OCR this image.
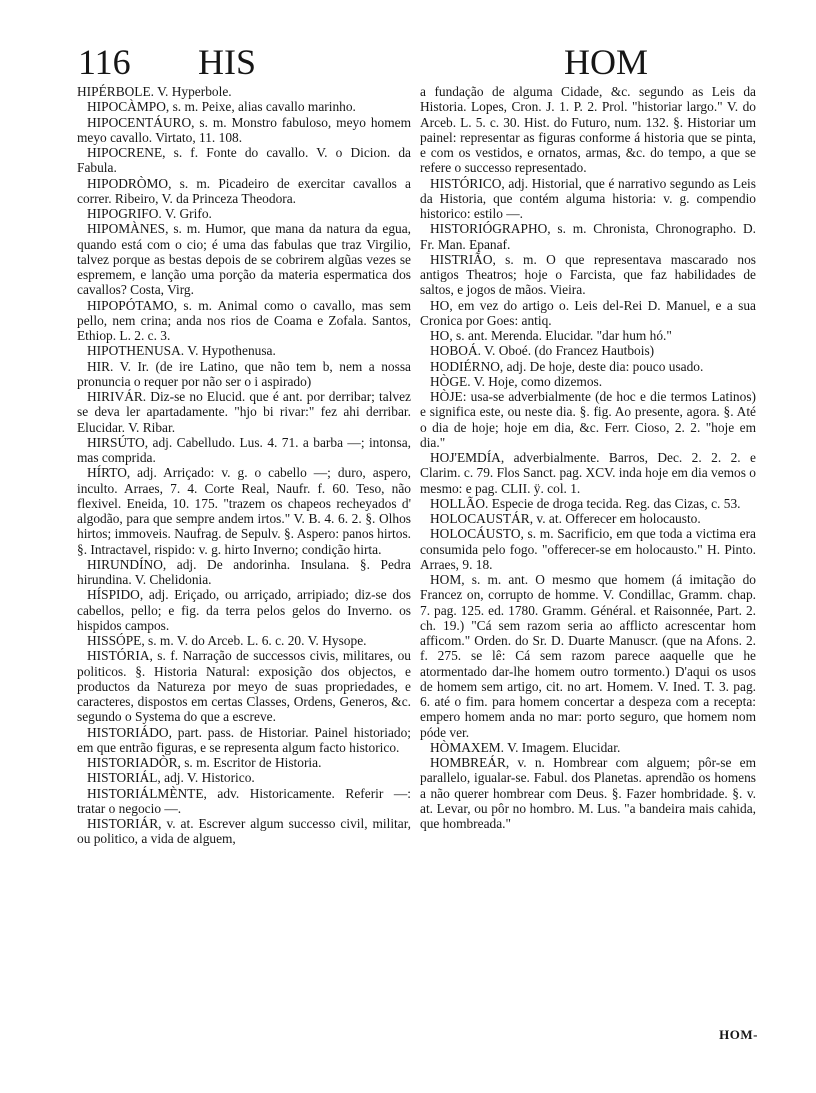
116 HIS	HOM

HIPÉRBOLE. V. Hyperbole.

HIPOCÀMPO, s. m. Peixe, alias cavallo marinho.

HIPOCENTÁURO, s. m. Monstro fabuloso, meyo homem meyo cavallo. Virtato, 11. 108.

HIPOCRENE, s. f. Fonte do cavallo. V. o Dicion. da Fabula.

HIPODRÒMO, s. m. Picadeiro de exercitar cavallos a correr. Ribeiro, V. da Princeza Theodora.

HIPOGRIFO. V. Grifo.

HIPOMÀNES, s. m. Humor, que mana da natura da egua, quando está com o cio; é uma das fabulas que traz Virgilio, talvez porque as bestas depois de se cobrirem algũas vezes se espremem, e lanção uma porção da materia espermatica dos cavallos? Costa, Virg.

HIPOPÓTAMO, s. m. Animal como o cavallo, mas sem pello, nem crina; anda nos rios de Coama e Zofala. Santos, Ethiop. L. 2. c. 3.

HIPOTHENUSA. V. Hypothenusa.

HIR. V. Ir. (de ire Latino, que não tem b, nem a nossa pronuncia o requer por não ser o i aspirado)

HIRIVÁR. Diz-se no Elucid. que é ant. por derribar; talvez se deva ler apartadamente. "hjo bi rivar:" fez ahi derribar. Elucidar. V. Ribar.

HIRSÚTO, adj. Cabelludo. Lus. 4. 71. a barba —; intonsa, mas comprida.

HÍRTO, adj. Arriçado: v. g. o cabello —; duro, aspero, inculto. Arraes, 7. 4. Corte Real, Naufr. f. 60. Teso, não flexivel. Eneida, 10. 175. "trazem os chapeos recheyados d' algodão, para que sempre andem irtos." V. B. 4. 6. 2. §. Olhos hirtos; immoveis. Naufrag. de Sepulv. §. Aspero: panos hirtos. §. Intractavel, rispido: v. g. hirto Inverno; condição hirta.

HIRUNDÍNO, adj. De andorinha. Insulana. §. Pedra hirundina. V. Chelidonia.

HÍSPIDO, adj. Eriçado, ou arriçado, arripiado; diz-se dos cabellos, pello; e fig. da terra pelos gelos do Inverno. os hispidos campos.

HISSÓPE, s. m. V. do Arceb. L. 6. c. 20. V. Hysope.

HISTÓRIA, s. f. Narração de successos civis, militares, ou politicos. §. Historia Natural: exposição dos objectos, e productos da Natureza por meyo de suas propriedades, e caracteres, dispostos em certas Classes, Ordens, Generos, &c. segundo o Systema do que a escreve.

HISTORIÁDO, part. pass. de Historiar. Painel historiado; em que entrão figuras, e se representa algum facto historico.

HISTORIADÒR, s. m. Escritor de Historia.

HISTORIÁL, adj. V. Historico.

HISTORIÁLMÈNTE, adv. Historicamente. Referir —: tratar o negocio —.

HISTORIÁR, v. at. Escrever algum successo civil, militar, ou politico, a vida de alguem,

a fundação de alguma Cidade, &c. segundo as Leis da Historia. Lopes, Cron. J. 1. P. 2. Prol. "historiar largo." V. do Arceb. L. 5. c. 30. Hist. do Futuro, num. 132. §. Historiar um painel: representar as figuras conforme á historia que se pinta, e com os vestidos, e ornatos, armas, &c. do tempo, a que se refere o successo representado.

HISTÓRICO, adj. Historial, que é narrativo segundo as Leis da Historia, que contém alguma historia: v. g. compendio historico: estilo —.

HISTORIÓGRAPHO, s. m. Chronista, Chronographo. D. Fr. Man. Epanaf.

HISTRIÃO, s. m. O que representava mascarado nos antigos Theatros; hoje o Farcista, que faz habilidades de saltos, e jogos de mãos. Vieira.

HO, em vez do artigo o. Leis del-Rei D. Manuel, e a sua Cronica por Goes: antiq.

HO, s. ant. Merenda. Elucidar. "dar hum hó."

HOBOÁ. V. Oboé. (do Francez Hautbois)

HODIÉRNO, adj. De hoje, deste dia: pouco usado.

HÒGE. V. Hoje, como dizemos.

HÒJE: usa-se adverbialmente (de hoc e die termos Latinos) e significa este, ou neste dia. §. fig. Ao presente, agora. §. Até o dia de hoje; hoje em dia, &c. Ferr. Cioso, 2. 2. "hoje em dia."

HOJ'EMDÍA, adverbialmente. Barros, Dec. 2. 2. 2. e Clarim. c. 79. Flos Sanct. pag. XCV. inda hoje em dia vemos o mesmo: e pag. CLII. ÿ. col. 1.

HOLLÃO. Especie de droga tecida. Reg. das Cizas, c. 53.

HOLOCAUSTÁR, v. at. Offerecer em holocausto.

HOLOCÁUSTO, s. m. Sacrificio, em que toda a victima era consumida pelo fogo. "offerecer-se em holocausto." H. Pinto. Arraes, 9. 18.

HOM, s. m. ant. O mesmo que homem (á imitação do Francez on, corrupto de homme. V. Condillac, Gramm. chap. 7. pag. 125. ed. 1780. Gramm. Général. et Raisonnée, Part. 2. ch. 19.) "Cá sem razom seria ao afflicto acrescentar hom afficom." Orden. do Sr. D. Duarte Manuscr. (que na Afons. 2. f. 275. se lê: Cá sem razom parece aaquelle que he atormentado dar-lhe homem outro tormento.) D'aqui os usos de homem sem artigo, cit. no art. Homem. V. Ined. T. 3. pag. 6. até o fim. para homem concertar a despeza com a recepta: empero homem anda no mar: porto seguro, que homem nom póde ver.

HÒMAXEM. V. Imagem. Elucidar.

HOMBREÁR, v. n. Hombrear com alguem; pôr-se em parallelo, igualar-se. Fabul. dos Planetas. aprendão os homens a não querer hombrear com Deus. §. Fazer hombridade. §. v. at. Levar, ou pôr no hombro. M. Lus. "a bandeira mais cahida, que hombreada."

HOM-
